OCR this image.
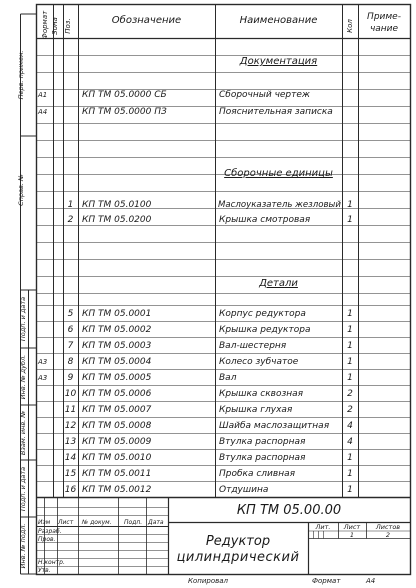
Формат Зона Поз.	Обозначение	Наименование	Кол
Приме-
чание
Перв. примен.
Справ. №
Подп. и дата
Инв. № дубл.
Взам. инв. №
Подп. и дата
Инв. № подл.
Документация
Сборочные единицы
Детали
А1	КП ТМ 05.0000 СБ	Сборочный чертеж
А4	КП ТМ 05.0000 ПЗ	Пояснительная записка
1 КП ТМ 05.0100	Маслоуказатель жезловый 1
2 КП ТМ 05.0200	Крышка смотровая	1
5 КП ТМ 05.0001	Корпус редуктора	1
6 КП ТМ 05.0002	Крышка редуктора	1
7 КП ТМ 05.0003	Вал-шестерня	1
А3	8 КП ТМ 05.0004	Колесо зубчатое	1
А3	9 КП ТМ 05.0005	Вал	1
10 КП ТМ 05.0006	Крышка сквозная	2
11 КП ТМ 05.0007	Крышка глухая	2
12 КП ТМ 05.0008	Шайба маслозащитная	4
13 КП ТМ 05.0009	Втулка распорная	4
14 КП ТМ 05.0010	Втулка распорная	1
15 КП ТМ 05.0011	Пробка сливная	1
16 КП ТМ 05.0012	Отдушина	1
КП ТМ 05.00.00
Редуктор
цилиндрический
Изм Лист № докум. Подп. Дата
Разраб.
Пров.
Н.контр.
Утв.
Лит.	Лист	Листов
1	2
Копировал	Формат	А4
